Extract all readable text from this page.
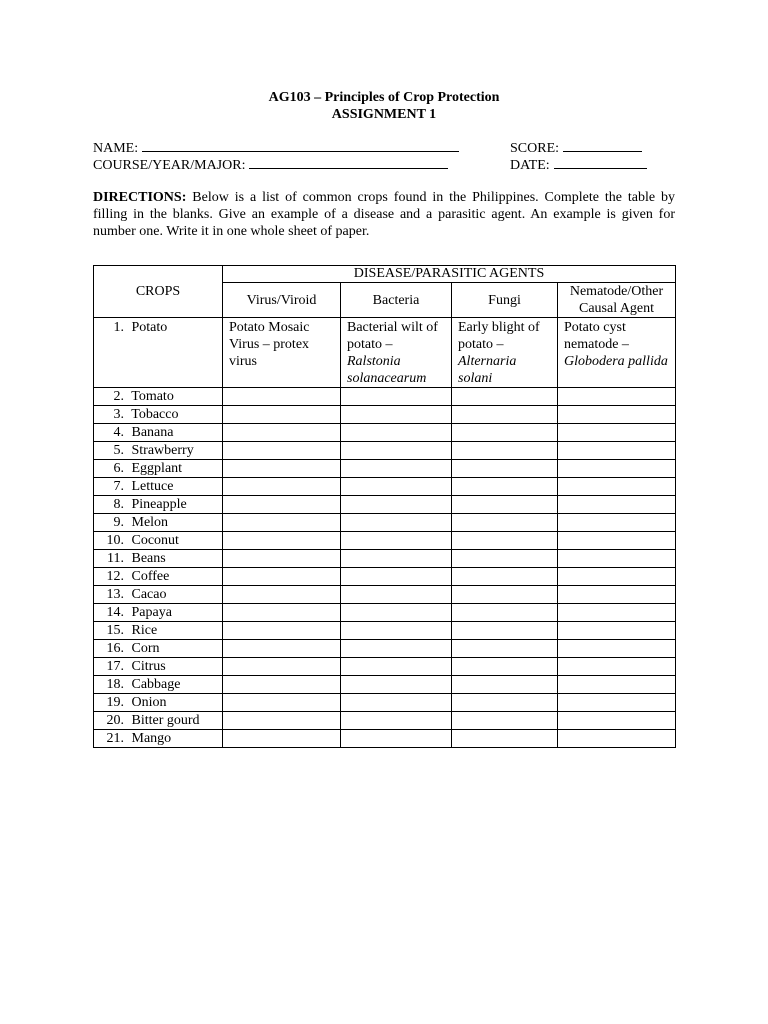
AG103 – Principles of Crop Protection
ASSIGNMENT 1
NAME:	SCORE:
COURSE/YEAR/MAJOR:	DATE:
DIRECTIONS: Below is a list of common crops found in the Philippines. Complete the table by filling in the blanks. Give an example of a disease and a parasitic agent. An example is given for number one. Write it in one whole sheet of paper.
CROPS	DISEASE/PARASITIC AGENTS			
	Virus/Viroid	Bacteria	Fungi	Nematode/Other Causal Agent
1. Potato	Potato Mosaic Virus – protex virus	Bacterial wilt of potato – Ralstonia solanacearum	Early blight of potato – Alternaria solani	Potato cyst nematode – Globodera pallida
2. Tomato				
3. Tobacco				
4. Banana				
5. Strawberry				
6. Eggplant				
7. Lettuce				
8. Pineapple				
9. Melon				
10. Coconut				
11. Beans				
12. Coffee				
13. Cacao				
14. Papaya				
15. Rice				
16. Corn				
17. Citrus				
18. Cabbage				
19. Onion				
20. Bitter gourd				
21. Mango				
